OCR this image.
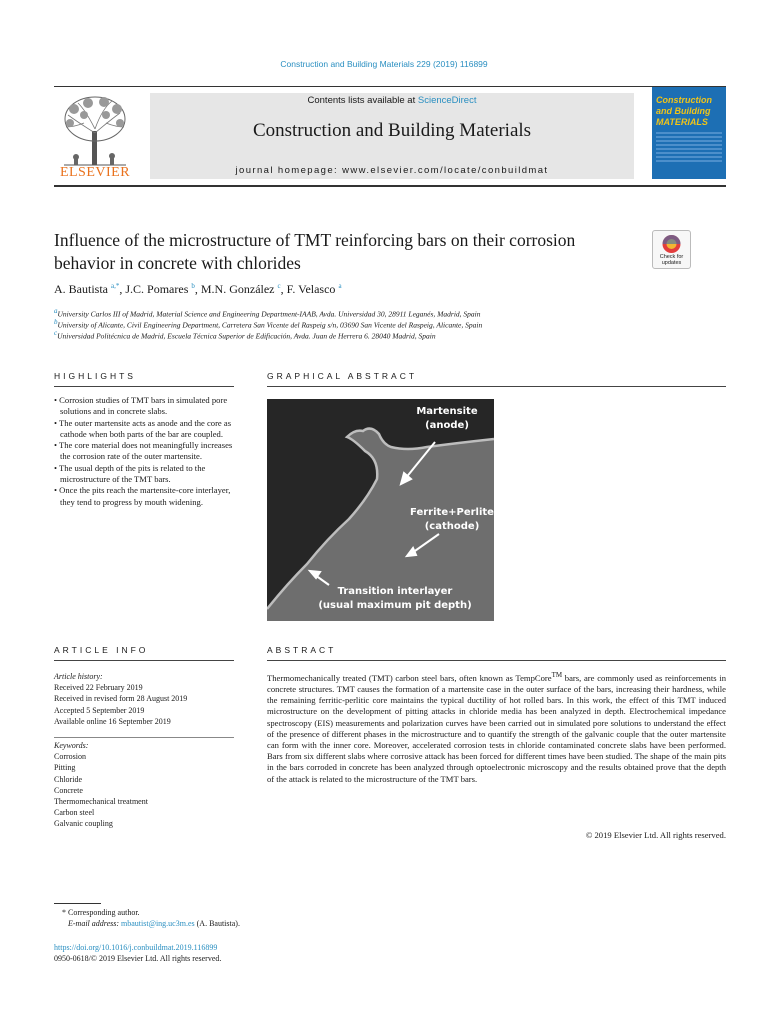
Construction and Building Materials 229 (2019) 116899
ELSEVIER
Contents lists available at ScienceDirect
Construction and Building Materials
journal homepage: www.elsevier.com/locate/conbuildmat
Construction and Building MATERIALS
Influence of the microstructure of TMT reinforcing bars on their corrosion behavior in concrete with chlorides	Check for updates
A. Bautista $^{a,*}$, J.C. Pomares $^b$, M.N. González $^c$, F. Velasco $^a$
$^a$University Carlos III of Madrid, Material Science and Engineering Department-IAAB, Avda. Universidad 30, 28911 Leganés, Madrid, Spain
$^b$University of Alicante, Civil Engineering Department, Carretera San Vicente del Raspeig s/n, 03690 San Vicente del Raspeig, Alicante, Spain
$^c$Universidad Politécnica de Madrid, Escuela Técnica Superior de Edificación, Avda. Juan de Herrera 6. 28040 Madrid, Spain
HIGHLIGHTS	GRAPHICAL ABSTRACT
• Corrosion studies of TMT bars in simulated pore solutions and in concrete slabs.
• The outer martensite acts as anode and the core as cathode when both parts of the bar are coupled.
• The core material does not meaningfully increases the corrosion rate of the outer martensite.
• The usual depth of the pits is related to the microstructure of the TMT bars.
• Once the pits reach the martensite-core interlayer, they tend to progress by mouth widening.
Martensite
(anode)
Ferrite+Perlite
(cathode)
Transition interlayer
(usual maximum pit depth)
ARTICLE INFO	ABSTRACT
Article history:
Received 22 February 2019
Received in revised form 28 August 2019
Accepted 5 September 2019
Available online 16 September 2019
Keywords:
Corrosion
Pitting
Chloride
Concrete
Thermomechanical treatment
Carbon steel
Galvanic coupling
Thermomechanically treated (TMT) carbon steel bars, often known as TempCore™ bars, are commonly used as reinforcements in concrete structures. TMT causes the formation of a martensite case in the outer surface of the bars, increasing their hardness, while the remaining ferritic-perlitic core maintains the typical ductility of hot rolled bars. In this work, the effect of this TMT induced microstructure on the development of pitting attacks in chloride media has been analyzed in depth. Electrochemical impedance spectroscopy (EIS) measurements and polarization curves have been carried out in simulated pore solutions to understand the effect of the presence of different phases in the microstructure and to quantify the strength of the galvanic couple that the outer martensite can form with the inner core. Moreover, accelerated corrosion tests in chloride contaminated concrete slabs have been performed. Bars from six different slabs where corrosive attack has been forced for different times have been studied. The shape of the main pits in the bars corroded in concrete has been analyzed through optoelectronic microscopy and the results obtained prove that the depth of the attack is related to the microstructure of the TMT bars.
© 2019 Elsevier Ltd. All rights reserved.
* Corresponding author.
E-mail address: mbautist@ing.uc3m.es (A. Bautista).
https://doi.org/10.1016/j.conbuildmat.2019.116899
0950-0618/© 2019 Elsevier Ltd. All rights reserved.
